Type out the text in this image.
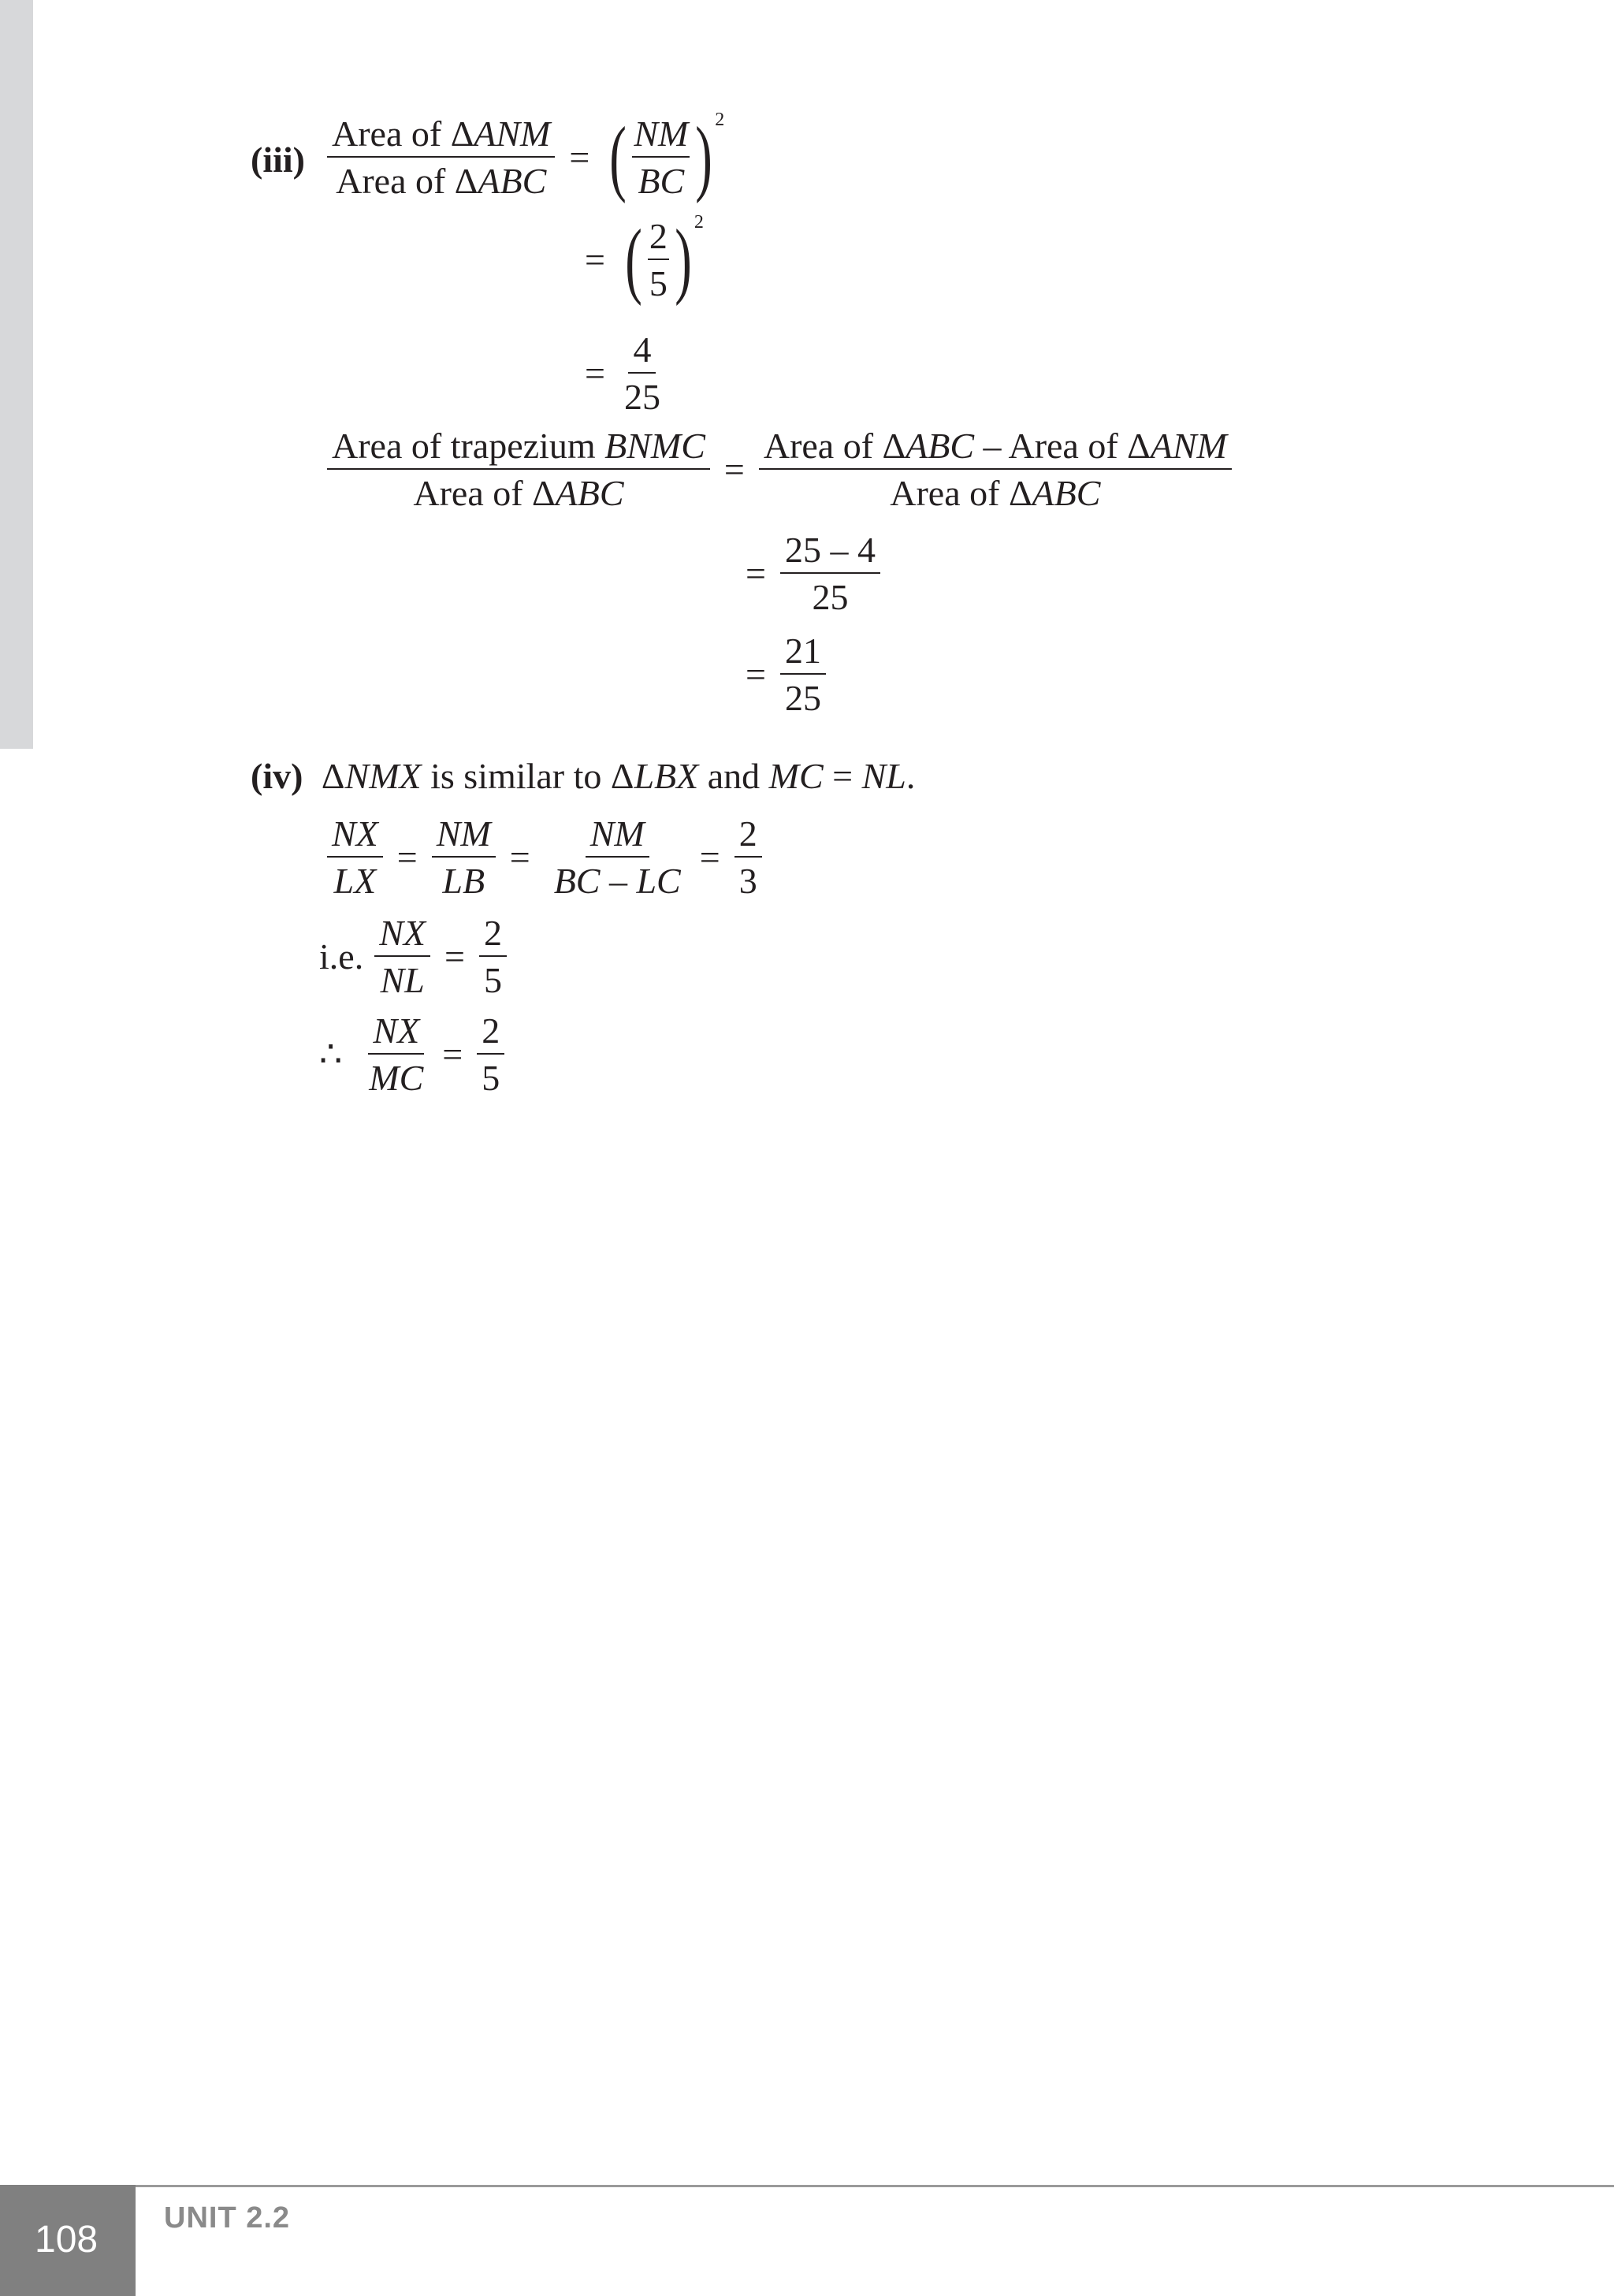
$(iii) \frac{\text{Area of ΔANM}}{\text{Area of ΔABC}}$ = ( $\frac{NM}{BC}$ ) 2
= ( $\frac{2}{5}$ ) 2
= $\frac{4}{25}$
$\frac{\text{Area of trapezium BNMC}}{\text{Area of ΔABC}} = \frac{\text{Area of ΔABC – Area of ΔANM}}{\text{Area of ΔABC}}$
= $\frac{25 - 4}{25}$
= $\frac{21}{25}$
(iv) ΔNMX is similar to ΔLBX and MC = NL.
$\frac{NX}{LX} = \frac{NM}{LB} = \frac{NM}{BC - LC} = \frac{2}{3}$
i.e. $\frac{NX}{NL} = \frac{2}{5}$
∴ $\frac{NX}{MC} = \frac{2}{5}$
108
UNIT 2.2
